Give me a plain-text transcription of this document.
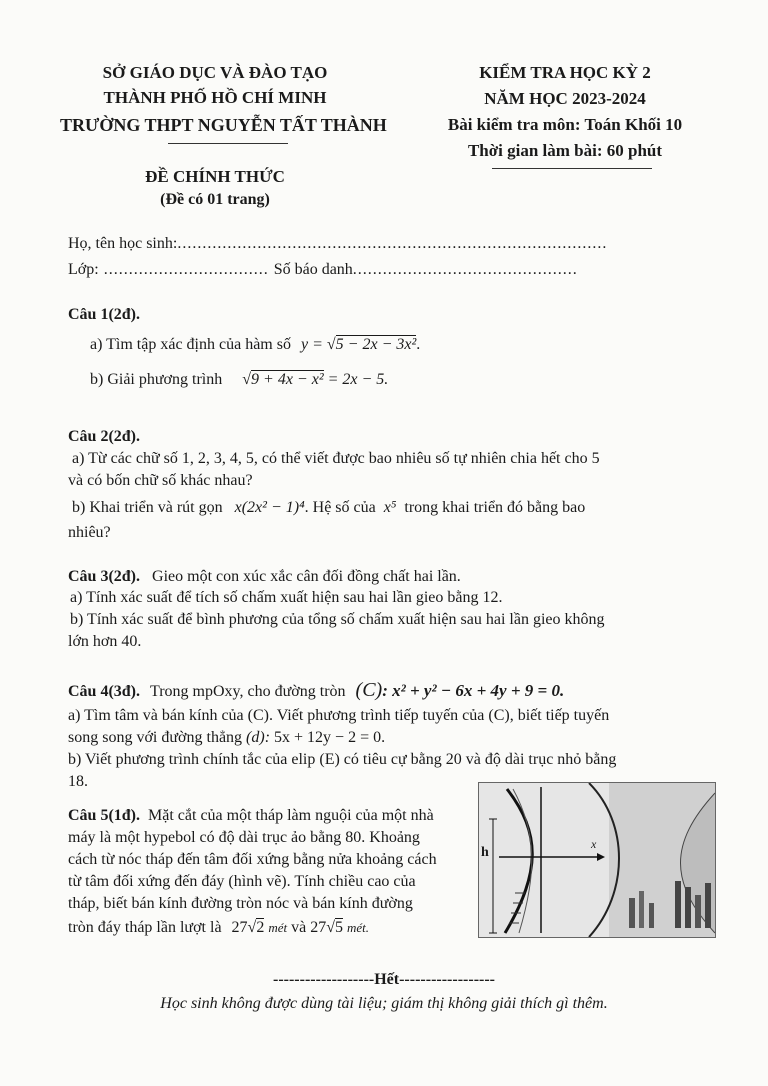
SỞ GIÁO DỤC VÀ ĐÀO TẠO
THÀNH PHỐ HỒ CHÍ MINH
TRƯỜNG THPT NGUYỄN TẤT THÀNH
ĐỀ CHÍNH THỨC
(Đề có 01 trang)
KIỂM TRA HỌC KỲ 2
NĂM HỌC 2023-2024
Bài kiểm tra môn: Toán Khối 10
Thời gian làm bài: 60 phút
Họ, tên học sinh:......................................................................................
Lớp: ................................. Số báo danh.............................................
Câu 1(2đ).
a) Tìm tập xác định của hàm số y = √5 − 2x − 3x².
b) Giải phương trình √9 + 4x − x² = 2x − 5.
Câu 2(2đ).
a) Từ các chữ số 1, 2, 3, 4, 5, có thể viết được bao nhiêu số tự nhiên chia hết cho 5
và có bốn chữ số khác nhau?
b) Khai triển và rút gọn x(2x² − 1)⁴. Hệ số của x⁵ trong khai triển đó bằng bao
nhiêu?
Câu 3(2đ). Gieo một con xúc xắc cân đối đồng chất hai lần.
a) Tính xác suất để tích số chấm xuất hiện sau hai lần gieo bằng 12.
b) Tính xác suất để bình phương của tổng số chấm xuất hiện sau hai lần gieo không
lớn hơn 40.
Câu 4(3đ). Trong mpOxy, cho đường tròn (C): x² + y² − 6x + 4y + 9 = 0.
a) Tìm tâm và bán kính của (C). Viết phương trình tiếp tuyến của (C), biết tiếp tuyến
song song với đường thẳng (d): 5x + 12y − 2 = 0.
b) Viết phương trình chính tắc của elip (E) có tiêu cự bằng 20 và độ dài trục nhỏ bằng
18.
Câu 5(1đ). Mặt cắt của một tháp làm nguội của một nhà
máy là một hypebol có độ dài trục ảo bằng 80. Khoảng
cách từ nóc tháp đến tâm đối xứng bằng nửa khoảng cách
từ tâm đối xứng đến đáy (hình vẽ). Tính chiều cao của
tháp, biết bán kính đường tròn nóc và bán kính đường
tròn đáy tháp lần lượt là 27√2 mét và 27√5 mét.
h
x
-------------------Hết------------------
Học sinh không được dùng tài liệu; giám thị không giải thích gì thêm.
